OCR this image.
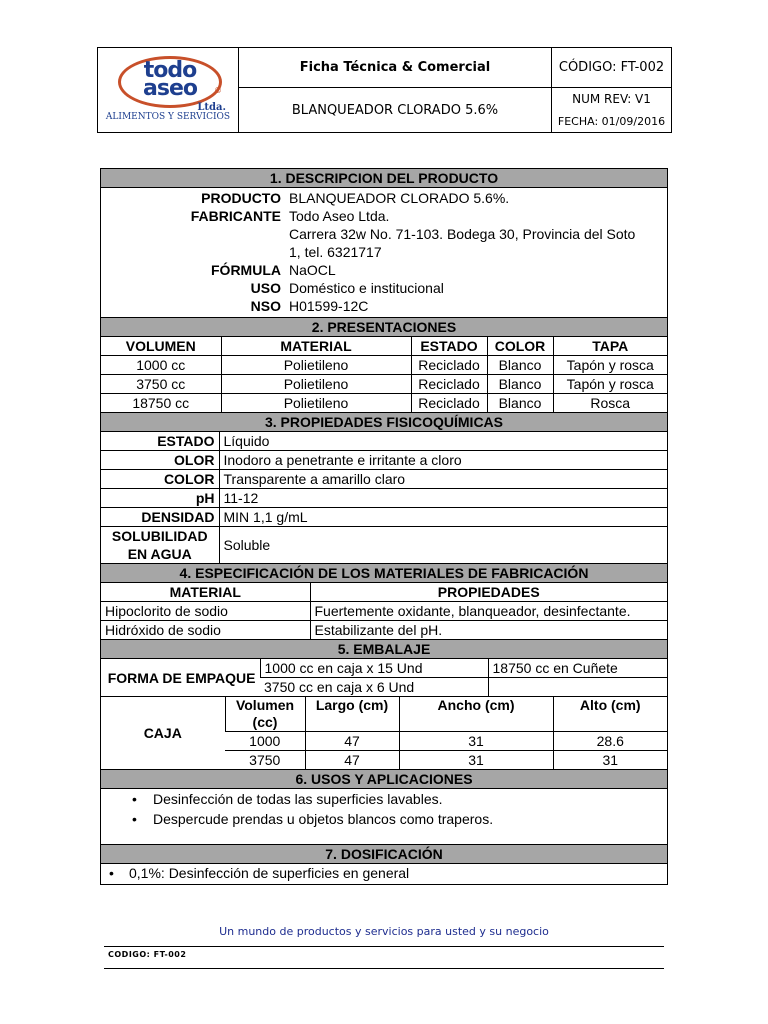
todo
aseo	®
Ltda.
ALIMENTOS Y SERVICIOS
Ficha Técnica & Comercial
BLANQUEADOR CLORADO 5.6%
CÓDIGO: FT-002
NUM REV: V1
FECHA: 01/09/2016
1. DESCRIPCION DEL PRODUCTO
PRODUCTO BLANQUEADOR CLORADO 5.6%.
FABRICANTE Todo Aseo Ltda.
Carrera 32w No. 71-103. Bodega 30, Provincia del Soto 1, tel. 6321717
FÓRMULA NaOCL
USO Doméstico e institucional
NSO H01599-12C
2. PRESENTACIONES
VOLUMEN	MATERIAL	ESTADO	COLOR	TAPA
1000 cc	Polietileno	Reciclado	Blanco	Tapón y rosca
3750 cc	Polietileno	Reciclado	Blanco	Tapón y rosca
18750 cc	Polietileno	Reciclado	Blanco	Rosca
3. PROPIEDADES FISICOQUÍMICAS
ESTADO	Líquido
OLOR	Inodoro a penetrante e irritante a cloro
COLOR	Transparente a amarillo claro
pH	11-12
DENSIDAD	MIN 1,1 g/mL
SOLUBILIDAD EN AGUA	Soluble
4. ESPECIFICACIÓN DE LOS MATERIALES DE FABRICACIÓN
MATERIAL	PROPIEDADES
Hipoclorito de sodio	Fuertemente oxidante, blanqueador, desinfectante.
Hidróxido de sodio	Estabilizante del pH.
5. EMBALAJE
FORMA DE EMPAQUE	1000 cc en caja x 15 Und	18750 cc en Cuñete
	3750 cc en caja x 6 Und	
CAJA	Volumen (cc)	Largo (cm)	Ancho (cm)	Alto (cm)
	1000	47	31	28.6
	3750	47	31	31
6. USOS Y APLICACIONES
• Desinfección de todas las superficies lavables.
• Despercude prendas u objetos blancos como traperos.
7. DOSIFICACIÓN
• 0,1%: Desinfección de superficies en general
Un mundo de productos y servicios para usted y su negocio
CODIGO: FT-002
